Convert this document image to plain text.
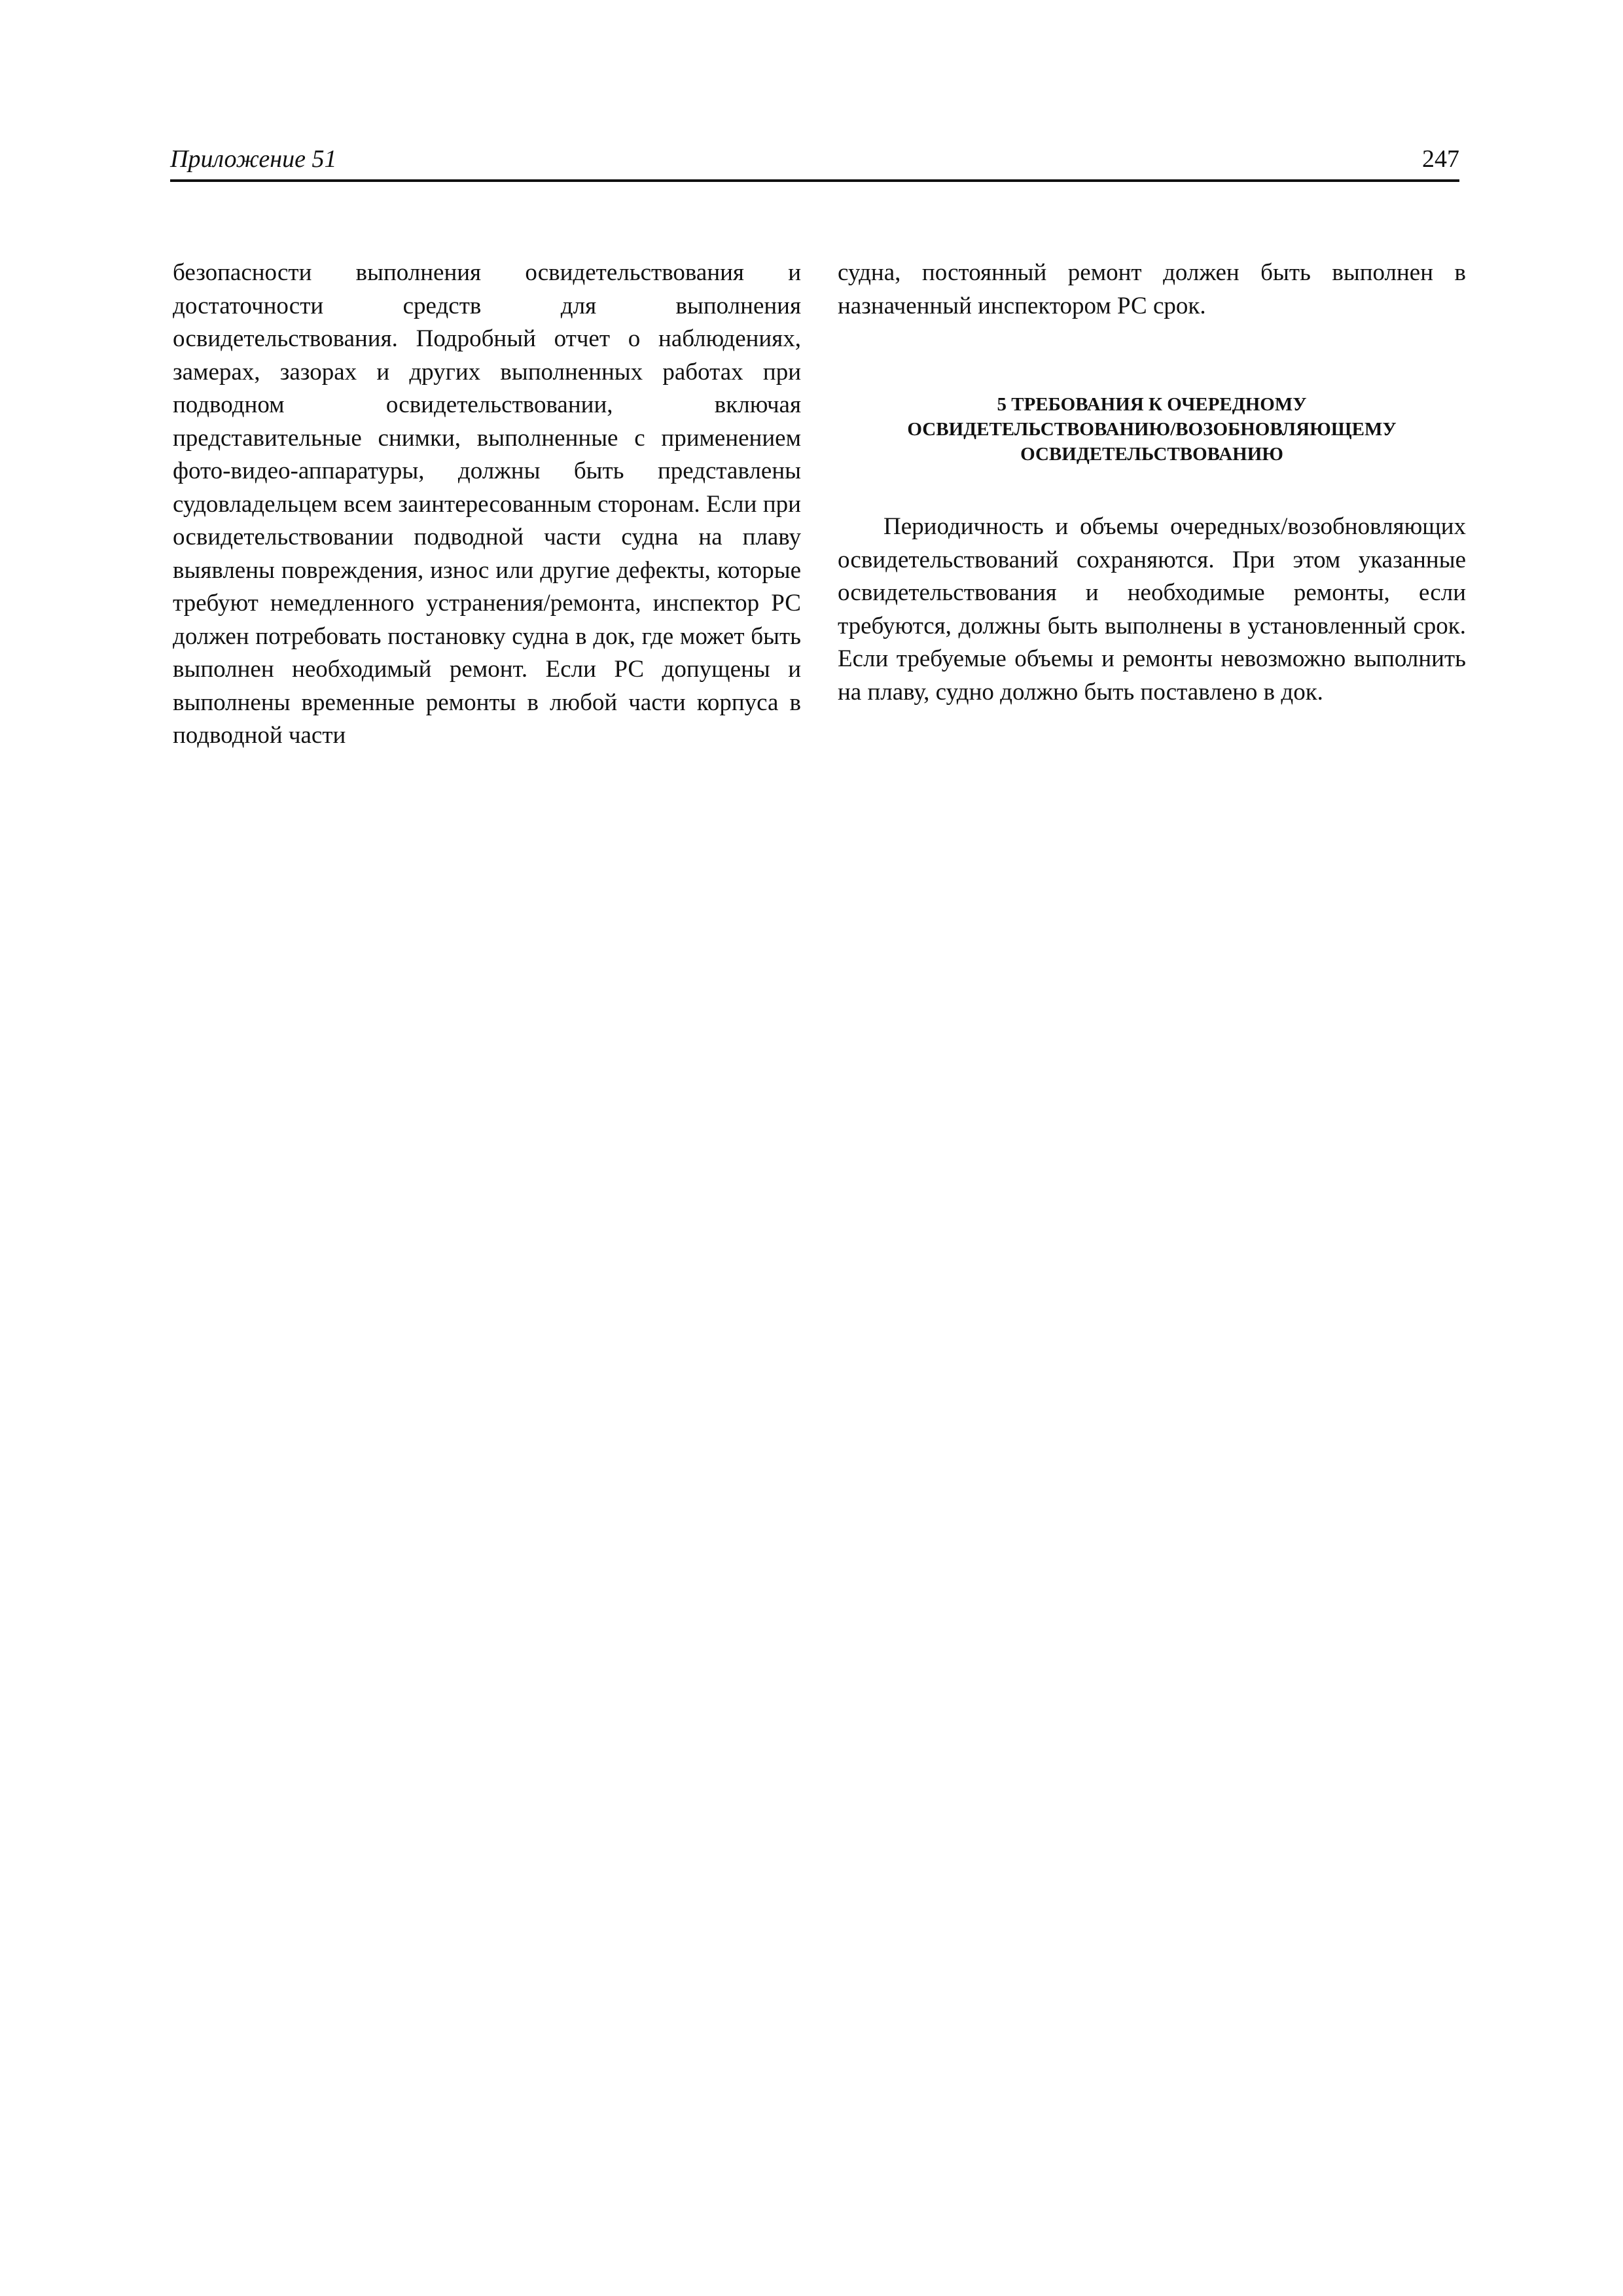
Приложение 51	247

безопасности выполнения освидетельствования и достаточности средств для выполнения освидетельствования. Подробный отчет о наблюдениях, замерах, зазорах и других выполненных работах при подводном освидетельствовании, включая представительные снимки, выполненные с применением фото-видео-аппаратуры, должны быть представлены судовладельцем всем заинтересованным сторонам. Если при освидетельствовании подводной части судна на плаву выявлены повреждения, износ или другие дефекты, которые требуют немедленного устранения/ремонта, инспектор РС должен потребовать постановку судна в док, где может быть выполнен необходимый ремонт. Если РС допущены и выполнены временные ремонты в любой части корпуса в подводной части

судна, постоянный ремонт должен быть выполнен в назначенный инспектором РС срок.

5 ТРЕБОВАНИЯ К ОЧЕРЕДНОМУ
ОСВИДЕТЕЛЬСТВОВАНИЮ/ВОЗОБНОВЛЯЮЩЕМУ
ОСВИДЕТЕЛЬСТВОВАНИЮ

Периодичность и объемы очередных/возобновляющих освидетельствований сохраняются. При этом указанные освидетельствования и необходимые ремонты, если требуются, должны быть выполнены в установленный срок. Если требуемые объемы и ремонты невозможно выполнить на плаву, судно должно быть поставлено в док.
